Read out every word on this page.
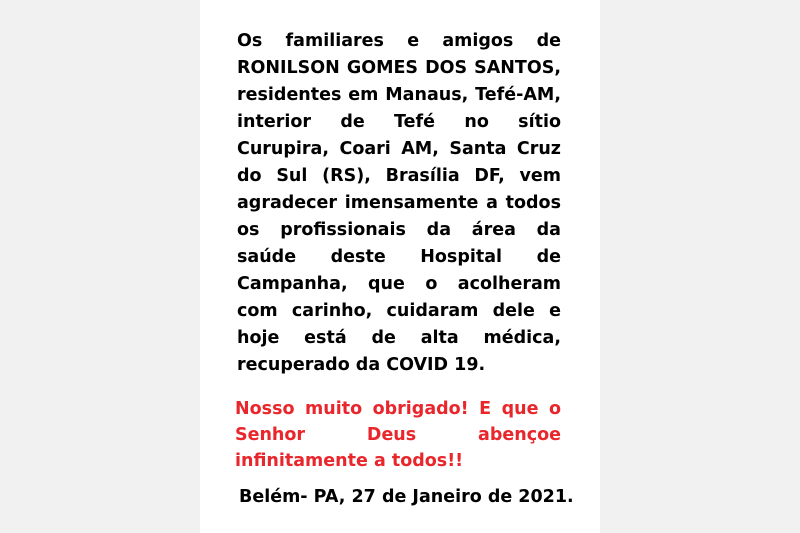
Os familiares e amigos de RONILSON GOMES DOS SANTOS, residentes em Manaus, Tefé-AM, interior de Tefé no sítio Curupira, Coari AM, Santa Cruz do Sul (RS), Brasília DF, vem agradecer imensamente a todos os profissionais da área da saúde deste Hospital de Campanha, que o acolheram com carinho, cuidaram dele e hoje está de alta médica, recuperado da COVID 19.

Nosso muito obrigado! E que o Senhor Deus abençoe infinitamente a todos!!

Belém- PA, 27 de Janeiro de 2021.
